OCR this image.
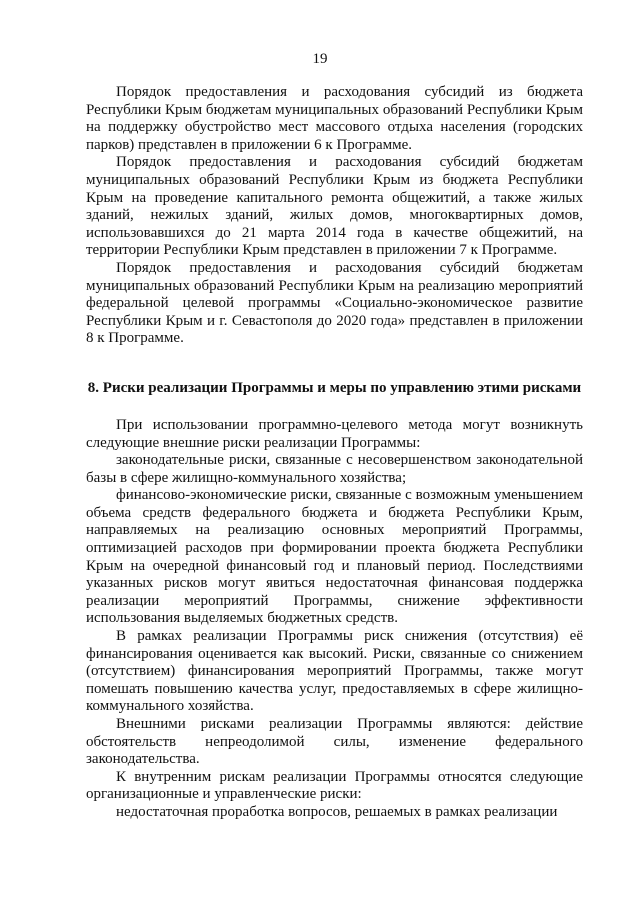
19

Порядок предоставления и расходования субсидий из бюджета Республики Крым бюджетам муниципальных образований Республики Крым на поддержку обустройство мест массового отдыха населения (городских парков) представлен в приложении 6 к Программе.

Порядок предоставления и расходования субсидий бюджетам муниципальных образований Республики Крым из бюджета Республики Крым на проведение капитального ремонта общежитий, а также жилых зданий, нежилых зданий, жилых домов, многоквартирных домов, использовавшихся до 21 марта 2014 года в качестве общежитий, на территории Республики Крым представлен в приложении 7 к Программе.

Порядок предоставления и расходования субсидий бюджетам муниципальных образований Республики Крым на реализацию мероприятий федеральной целевой программы «Социально-экономическое развитие Республики Крым и г. Севастополя до 2020 года» представлен в приложении 8 к Программе.

8. Риски реализации Программы и меры по управлению этими рисками

При использовании программно-целевого метода могут возникнуть следующие внешние риски реализации Программы:

законодательные риски, связанные с несовершенством законодательной базы в сфере жилищно-коммунального хозяйства;

финансово-экономические риски, связанные с возможным уменьшением объема средств федерального бюджета и бюджета Республики Крым, направляемых на реализацию основных мероприятий Программы, оптимизацией расходов при формировании проекта бюджета Республики Крым на очередной финансовый год и плановый период. Последствиями указанных рисков могут явиться недостаточная финансовая поддержка реализации мероприятий Программы, снижение эффективности использования выделяемых бюджетных средств.

В рамках реализации Программы риск снижения (отсутствия) её финансирования оценивается как высокий. Риски, связанные со снижением (отсутствием) финансирования мероприятий Программы, также могут помешать повышению качества услуг, предоставляемых в сфере жилищно-коммунального хозяйства.

Внешними рисками реализации Программы являются: действие обстоятельств непреодолимой силы, изменение федерального законодательства.

К внутренним рискам реализации Программы относятся следующие организационные и управленческие риски:

недостаточная проработка вопросов, решаемых в рамках реализации
